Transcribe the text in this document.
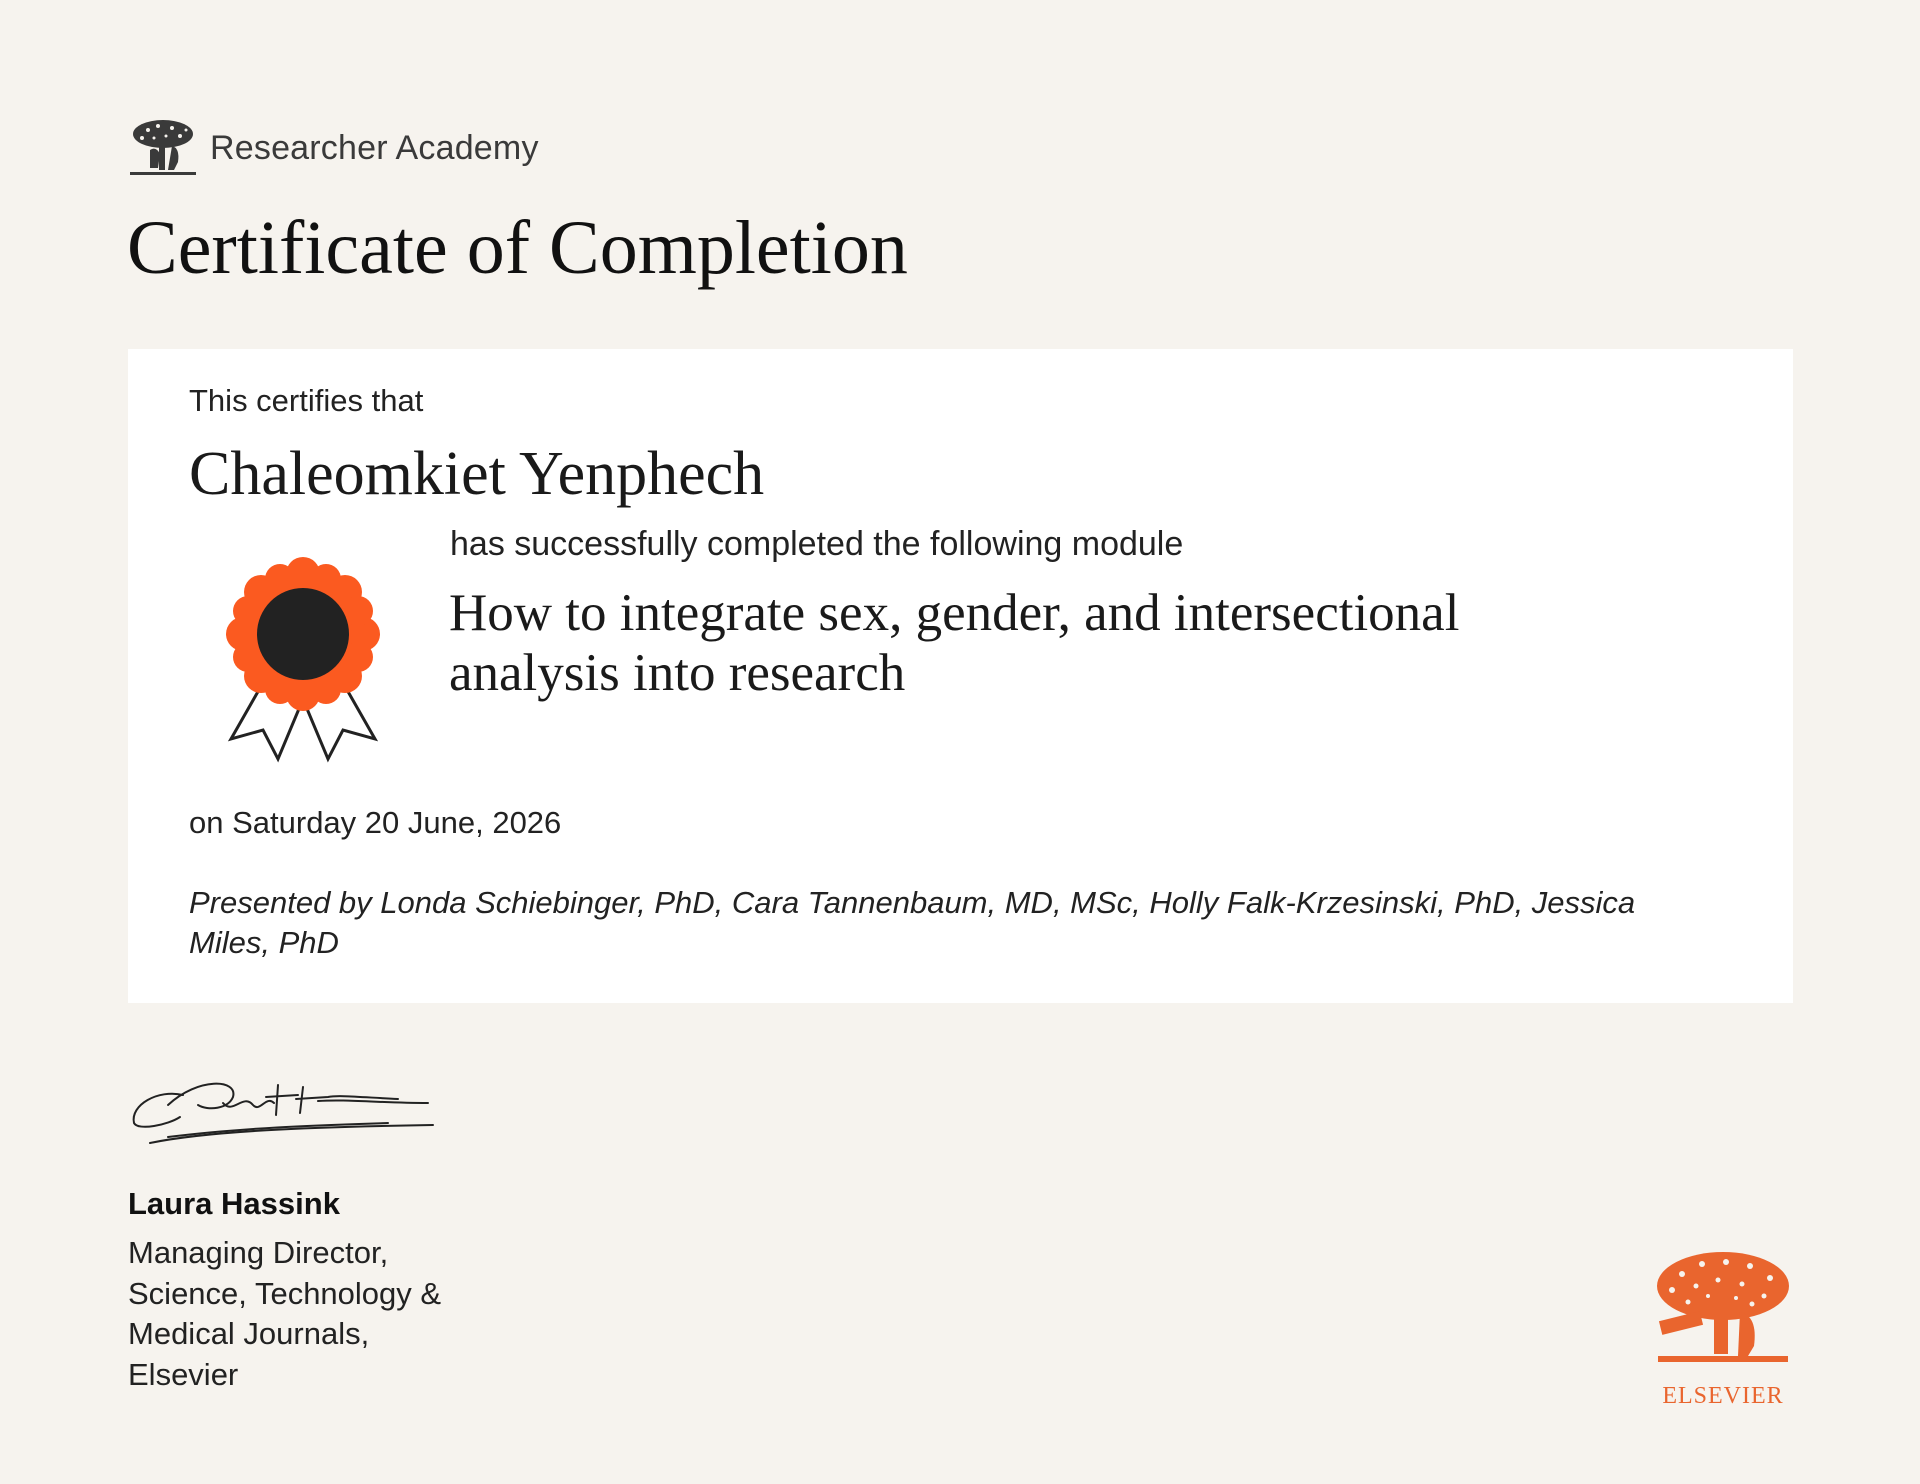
Researcher Academy
Certificate of Completion
This certifies that
Chaleomkiet Yenphech
has successfully completed the following module
How to integrate sex, gender, and intersectional analysis into research
on Saturday 20 June, 2026
Presented by Londa Schiebinger, PhD, Cara Tannenbaum, MD, MSc, Holly Falk-Krzesinski, PhD, Jessica Miles, PhD
Laura Hassink
Managing Director,
Science, Technology &
Medical Journals,
Elsevier
ELSEVIER
